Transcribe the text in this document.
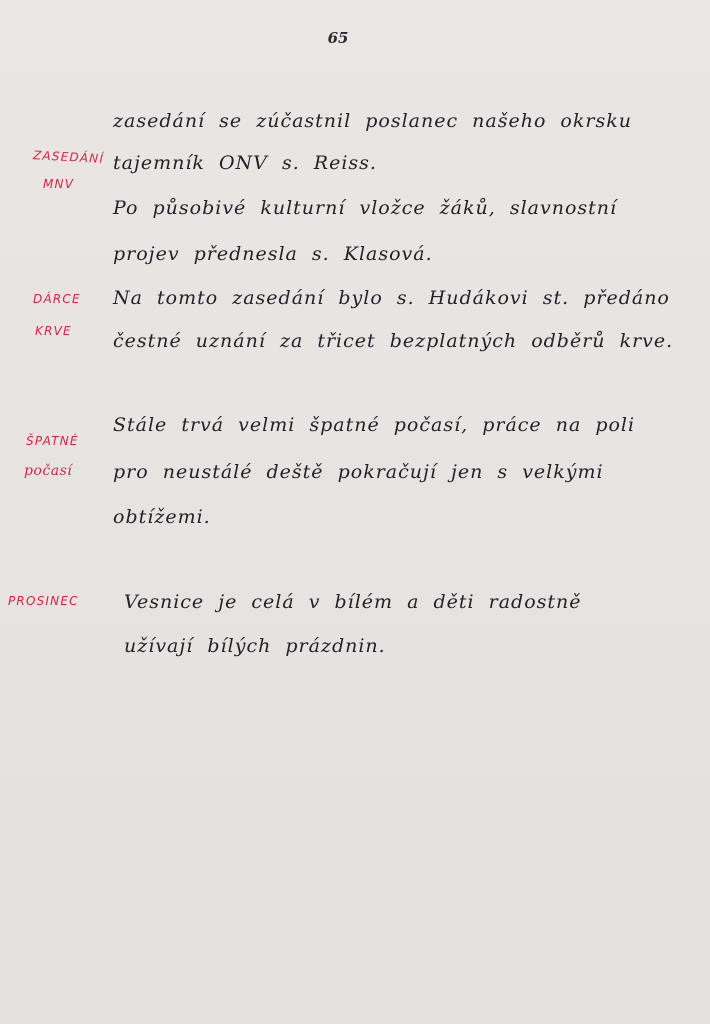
65
ZASEDÁNÍ
MNV
DÁRCE
KRVE
ŠPATNÉ
počasí
PROSINEC
zasedání se zúčastnil poslanec našeho okrsku
tajemník ONV s. Reiss.
Po působivé kulturní vložce žáků, slavnostní
projev přednesla s. Klasová.
Na tomto zasedání bylo s. Hudákovi st. předáno
čestné uznání za třicet bezplatných odběrů krve.
Stále trvá velmi špatné počasí, práce na poli
pro neustálé deště pokračují jen s velkými
obtížemi.
Vesnice je celá v bílém a děti radostně
užívají bílých prázdnin.
